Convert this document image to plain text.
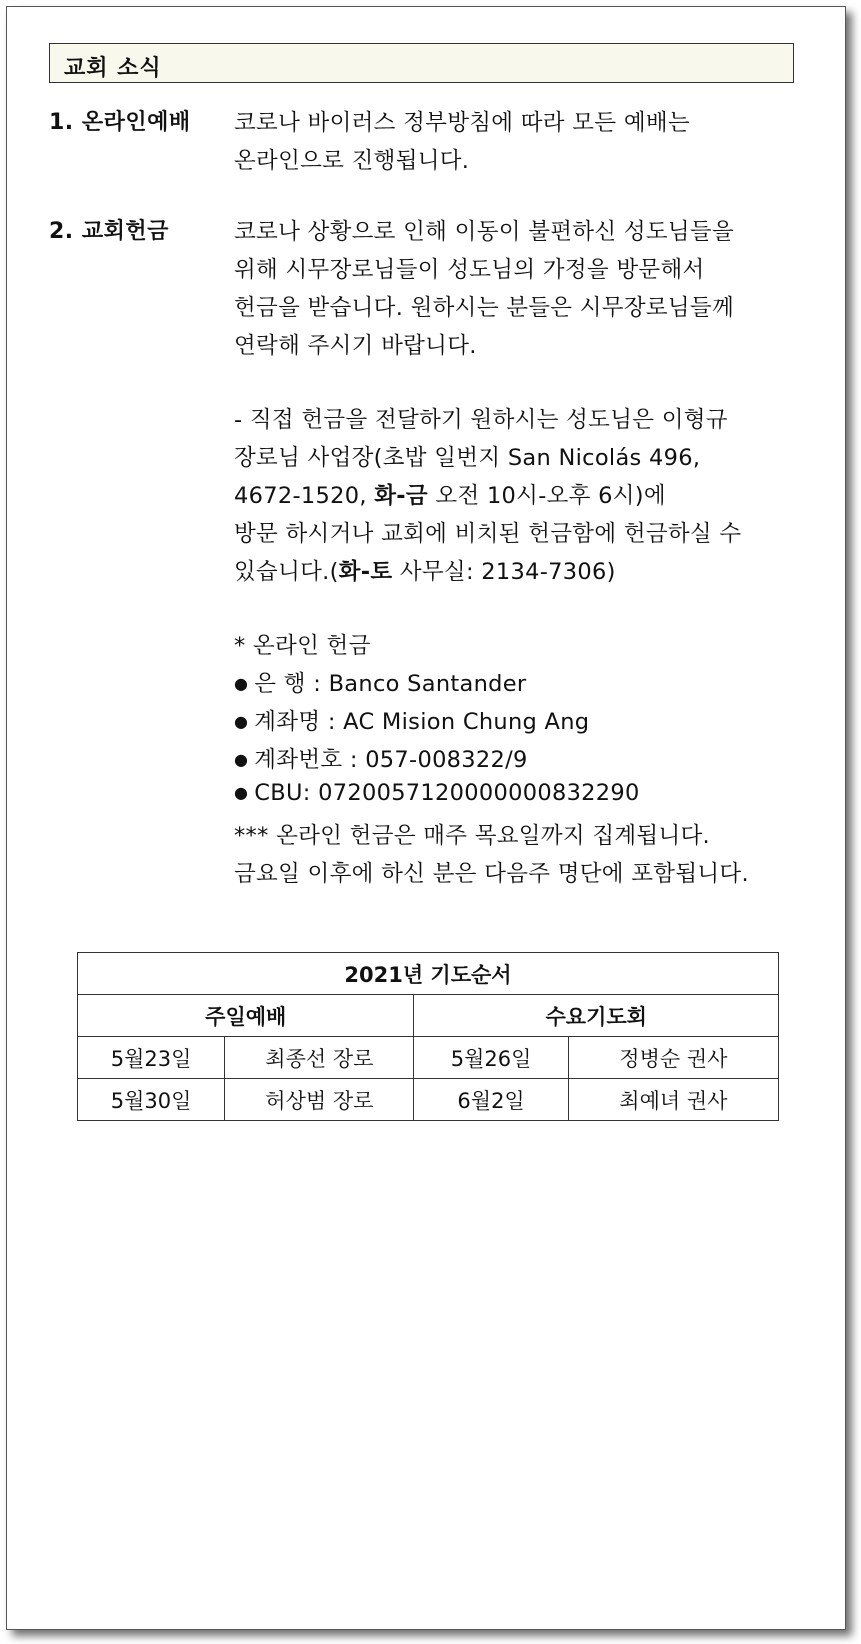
교회 소식
1. 온라인예배 코로나 바이러스 정부방침에 따라 모든 예배는
온라인으로 진행됩니다.
2. 교회헌금	코로나 상황으로 인해 이동이 불편하신 성도님들을
위해 시무장로님들이 성도님의 가정을 방문해서
헌금을 받습니다. 원하시는 분들은 시무장로님들께
연락해 주시기 바랍니다.
- 직접 헌금을 전달하기 원하시는 성도님은 이형규
장로님 사업장(초밥 일번지 San Nicolás 496,
4672-1520, 화-금 오전 10시-오후 6시)에
방문 하시거나 교회에 비치된 헌금함에 헌금하실 수
있습니다.(화-토 사무실: 2134-7306)
* 온라인 헌금
● 은 행 : Banco Santander
● 계좌명 : AC Mision Chung Ang
● 계좌번호 : 057-008322/9
● CBU: 0720057120000000832290
*** 온라인 헌금은 매주 목요일까지 집계됩니다.
금요일 이후에 하신 분은 다음주 명단에 포함됩니다.
2021년 기도순서			
주일예배		수요기도회	
5월23일	최종선 장로	5월26일	정병순 권사
5월30일	허상범 장로	6월2일	최예녀 권사
